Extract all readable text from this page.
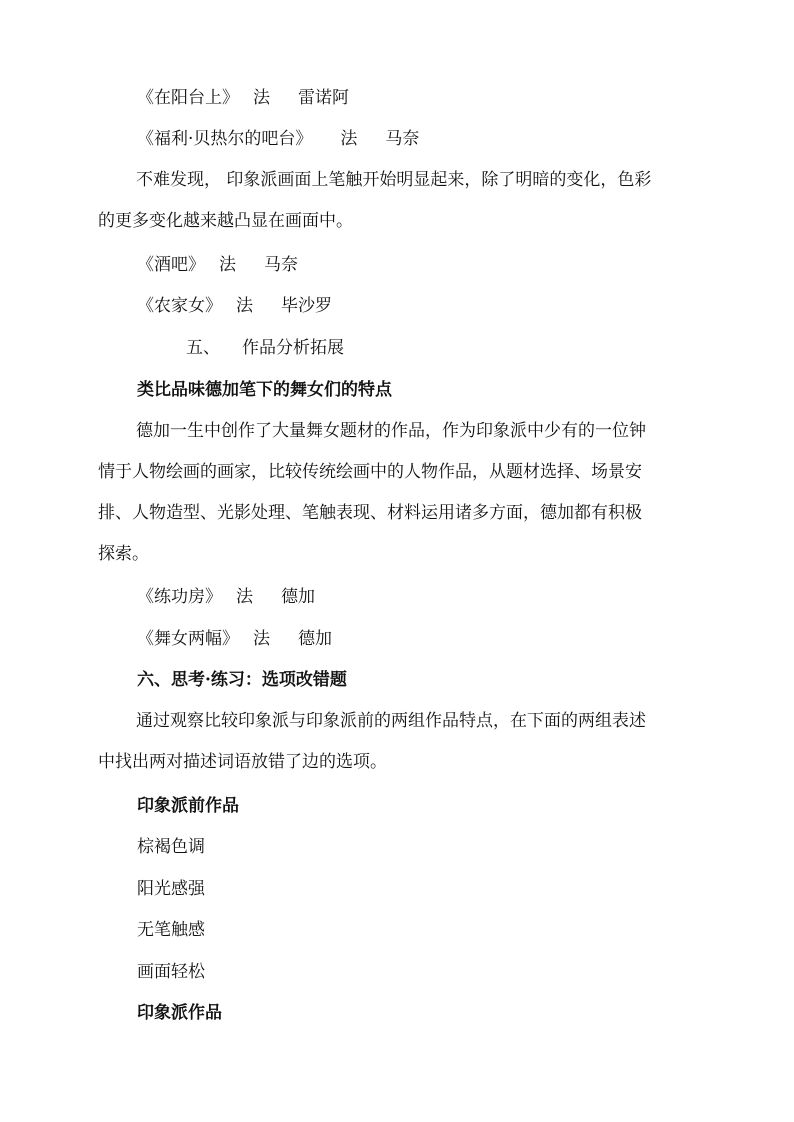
《在阳台上》 法 雷诺阿
《福利·贝热尔的吧台》 法 马奈
不难发现， 印象派画面上笔触开始明显起来，除了明暗的变化，色彩
的更多变化越来越凸显在画面中。
《酒吧》 法 马奈
《农家女》 法 毕沙罗
五、 作品分析拓展
类比品味德加笔下的舞女们的特点
德加一生中创作了大量舞女题材的作品，作为印象派中少有的一位钟
情于人物绘画的画家，比较传统绘画中的人物作品，从题材选择、场景安
排、人物造型、光影处理、笔触表现、材料运用诸多方面，德加都有积极
探索。
《练功房》 法 德加
《舞女两幅》 法 德加
六、思考·练习：选项改错题
通过观察比较印象派与印象派前的两组作品特点，在下面的两组表述
中找出两对描述词语放错了边的选项。
印象派前作品
棕褐色调
阳光感强
无笔触感
画面轻松
印象派作品
